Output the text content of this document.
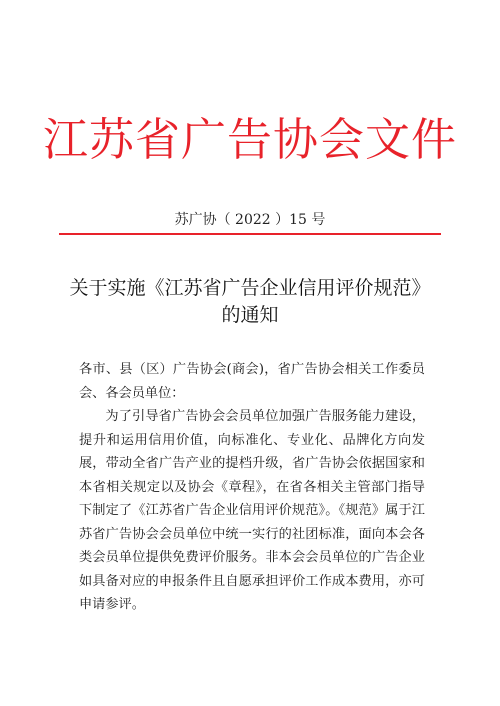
江苏省广告协会文件
苏广协（ 2022 ）15 号
关于实施《江苏省广告企业信用评价规范》
的通知

各市、县（区）广告协会(商会)，省广告协会相关工作委员会、各会员单位：

为了引导省广告协会会员单位加强广告服务能力建设，提升和运用信用价值，向标准化、专业化、品牌化方向发展，带动全省广告产业的提档升级，省广告协会依据国家和本省相关规定以及协会《章程》，在省各相关主管部门指导下制定了《江苏省广告企业信用评价规范》。《规范》属于江苏省广告协会会员单位中统一实行的社团标准，面向本会各类会员单位提供免费评价服务。非本会会员单位的广告企业如具备对应的申报条件且自愿承担评价工作成本费用，亦可申请参评。
